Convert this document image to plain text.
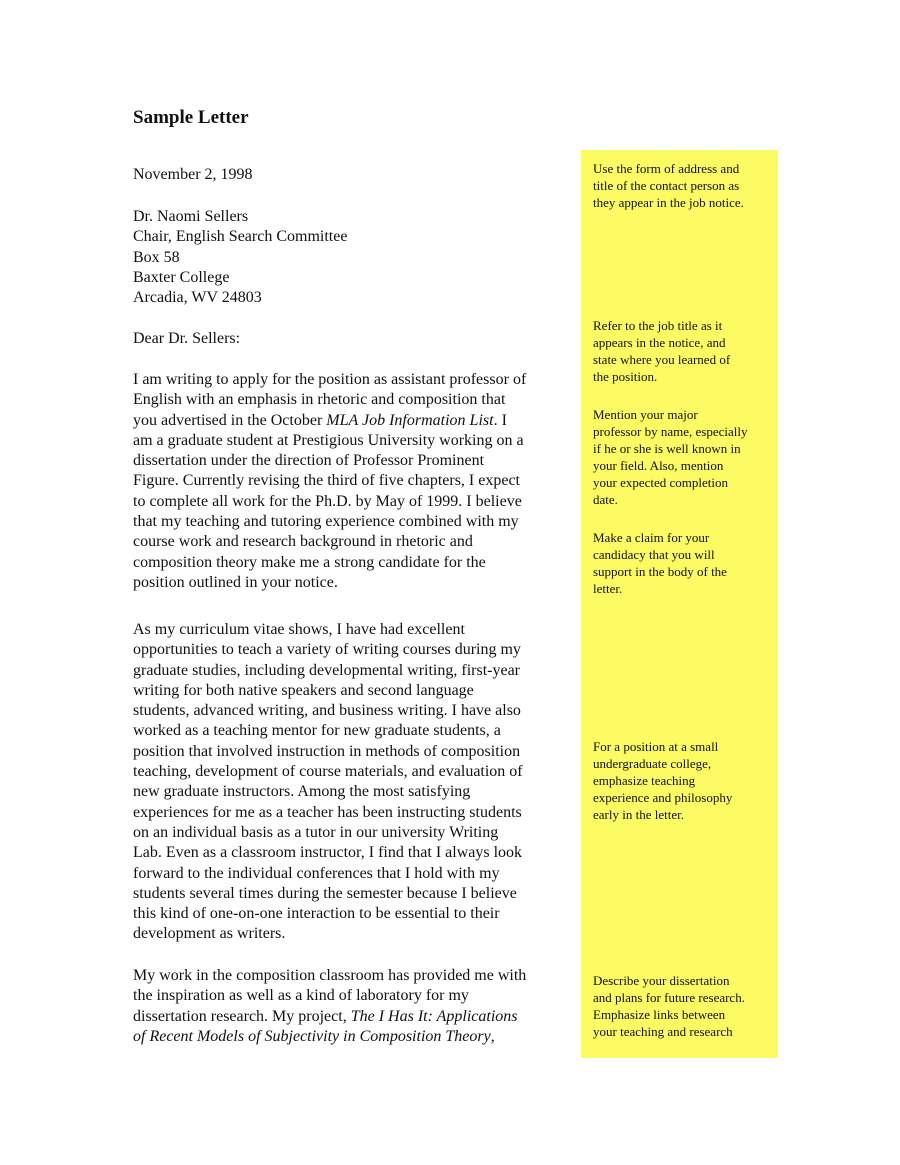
Sample Letter
November 2, 1998
Dr. Naomi Sellers
Chair, English Search Committee
Box 58
Baxter College
Arcadia, WV 24803
Dear Dr. Sellers:
I am writing to apply for the position as assistant professor of
English with an emphasis in rhetoric and composition that
you advertised in the October MLA Job Information List. I
am a graduate student at Prestigious University working on a
dissertation under the direction of Professor Prominent
Figure. Currently revising the third of five chapters, I expect
to complete all work for the Ph.D. by May of 1999. I believe
that my teaching and tutoring experience combined with my
course work and research background in rhetoric and
composition theory make me a strong candidate for the
position outlined in your notice.
As my curriculum vitae shows, I have had excellent
opportunities to teach a variety of writing courses during my
graduate studies, including developmental writing, first-year
writing for both native speakers and second language
students, advanced writing, and business writing. I have also
worked as a teaching mentor for new graduate students, a
position that involved instruction in methods of composition
teaching, development of course materials, and evaluation of
new graduate instructors. Among the most satisfying
experiences for me as a teacher has been instructing students
on an individual basis as a tutor in our university Writing
Lab. Even as a classroom instructor, I find that I always look
forward to the individual conferences that I hold with my
students several times during the semester because I believe
this kind of one-on-one interaction to be essential to their
development as writers.
My work in the composition classroom has provided me with
the inspiration as well as a kind of laboratory for my
dissertation research. My project, The I Has It: Applications
of Recent Models of Subjectivity in Composition Theory,
Use the form of address and
title of the contact person as
they appear in the job notice.
Refer to the job title as it
appears in the notice, and
state where you learned of
the position.
Mention your major
professor by name, especially
if he or she is well known in
your field. Also, mention
your expected completion
date.
Make a claim for your
candidacy that you will
support in the body of the
letter.
For a position at a small
undergraduate college,
emphasize teaching
experience and philosophy
early in the letter.
Describe your dissertation
and plans for future research.
Emphasize links between
your teaching and research
